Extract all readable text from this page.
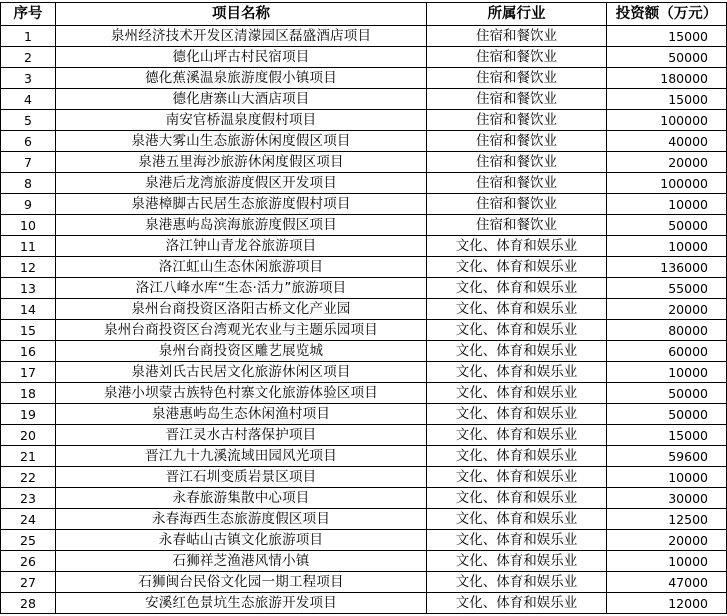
序号	项目名称	所属行业	投资额（万元）
1	泉州经济技术开发区清濛园区磊盛酒店项目	住宿和餐饮业	15000
2	德化山坪古村民宿项目	住宿和餐饮业	50000
3	德化蕉溪温泉旅游度假小镇项目	住宿和餐饮业	180000
4	德化唐寨山大酒店项目	住宿和餐饮业	15000
5	南安官桥温泉度假村项目	住宿和餐饮业	100000
6	泉港大雾山生态旅游休闲度假区项目	住宿和餐饮业	40000
7	泉港五里海沙旅游休闲度假区项目	住宿和餐饮业	20000
8	泉港后龙湾旅游度假区开发项目	住宿和餐饮业	100000
9	泉港樟脚古民居生态旅游度假村项目	住宿和餐饮业	10000
10	泉港惠屿岛滨海旅游度假区项目	住宿和餐饮业	50000
11	洛江钟山青龙谷旅游项目	文化、体育和娱乐业	10000
12	洛江虹山生态休闲旅游项目	文化、体育和娱乐业	136000
13	洛江八峰水库“生态·活力”旅游项目	文化、体育和娱乐业	55000
14	泉州台商投资区洛阳古桥文化产业园	文化、体育和娱乐业	20000
15	泉州台商投资区台湾观光农业与主题乐园项目	文化、体育和娱乐业	80000
16	泉州台商投资区雕艺展览城	文化、体育和娱乐业	60000
17	泉港刘氏古民居文化旅游休闲区项目	文化、体育和娱乐业	10000
18	泉港小坝蒙古族特色村寨文化旅游体验区项目	文化、体育和娱乐业	50000
19	泉港惠屿岛生态休闲渔村项目	文化、体育和娱乐业	50000
20	晋江灵水古村落保护项目	文化、体育和娱乐业	15000
21	晋江九十九溪流域田园风光项目	文化、体育和娱乐业	59600
22	晋江石圳变质岩景区项目	文化、体育和娱乐业	10000
23	永春旅游集散中心项目	文化、体育和娱乐业	30000
24	永春海西生态旅游度假区项目	文化、体育和娱乐业	12500
25	永春岵山古镇文化旅游项目	文化、体育和娱乐业	20000
26	石狮祥芝渔港风情小镇	文化、体育和娱乐业	10000
27	石狮闽台民俗文化园一期工程项目	文化、体育和娱乐业	47000
28	安溪红色景坑生态旅游开发项目	文化、体育和娱乐业	12000
